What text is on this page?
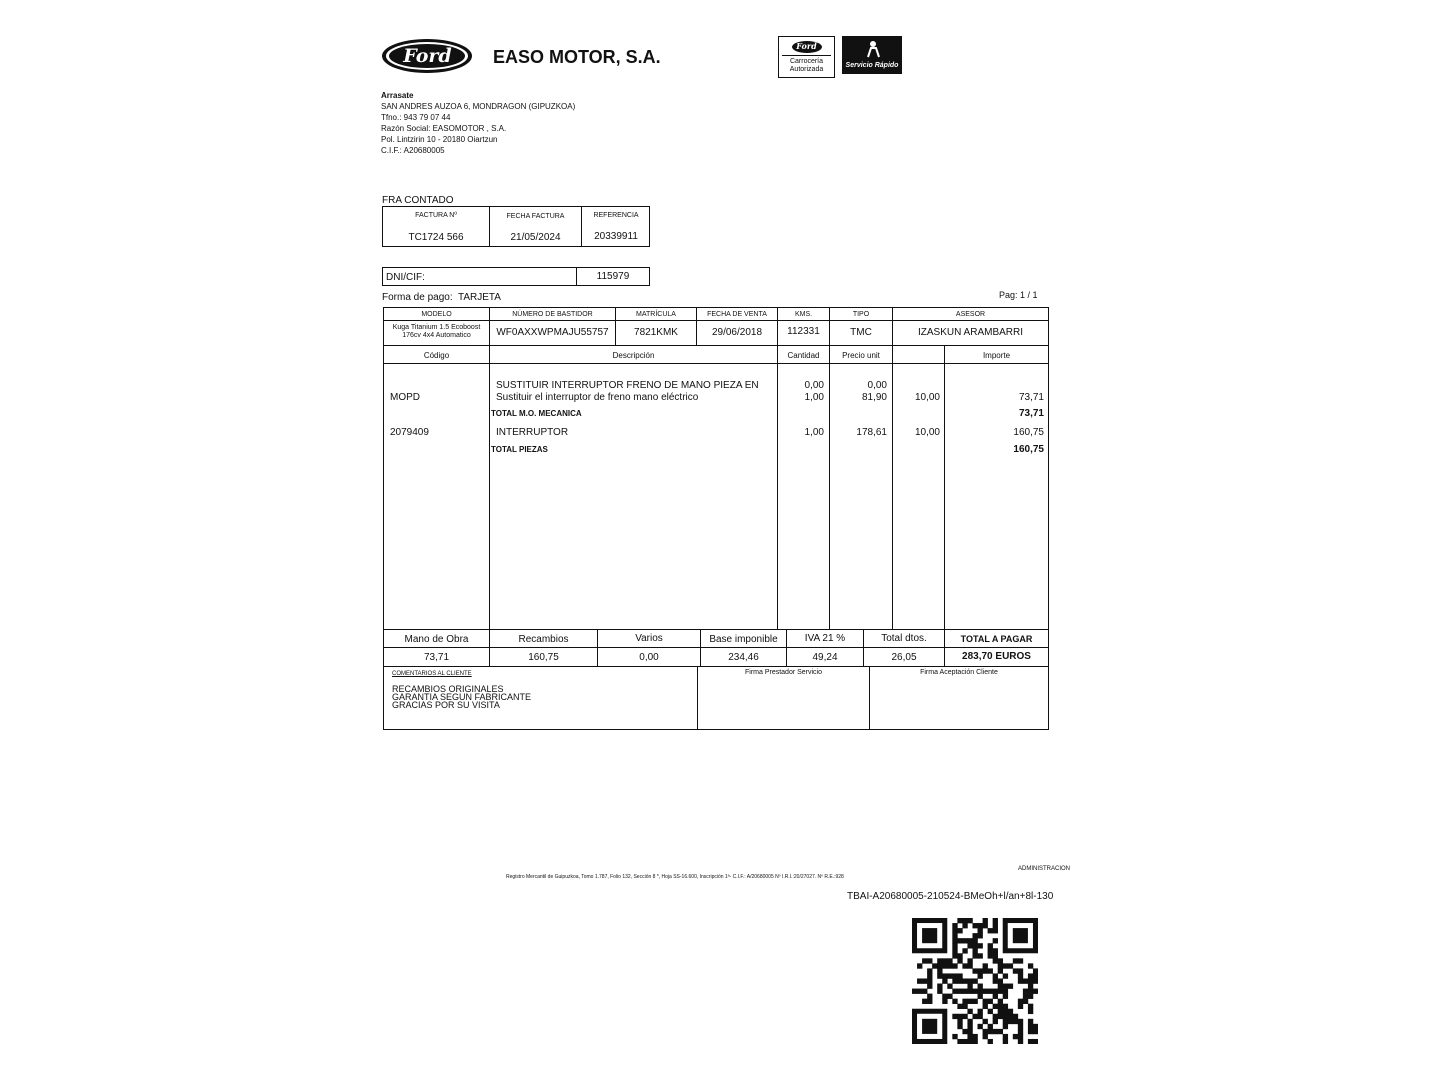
Ford	EASO MOTOR, S.A.
Ford
Carrocería
Autorizada
Servicio Rápido
Arrasate
SAN ANDRES AUZOA 6, MONDRAGON (GIPUZKOA)
Tfno.: 943 79 07 44
Razón Social: EASOMOTOR , S.A.
Pol. Lintzirin 10 - 20180 Oiartzun
C.I.F.: A20680005
FRA CONTADO
FACTURA Nº	FECHA FACTURA	REFERENCIA
TC1724 566	21/05/2024	20339911
DNI/CIF:	115979
Forma de pago: TARJETA	Pag: 1 / 1
MODELO	NÚMERO DE BASTIDOR	MATRÍCULA	FECHA DE VENTA	KMS.	TIPO	ASESOR
Kuga Titanium 1.5 Ecoboost
176cv 4x4 Automatico	WF0AXXWPMAJU55757	7821KMK	29/06/2018	112331	TMC	IZASKUN ARAMBARRI
Código	Descripción	Cantidad	Precio unit	Importe
SUSTITUIR INTERRUPTOR FRENO DE MANO PIEZA EN	0,00	0,00
MOPD	Sustituir el interruptor de freno mano eléctrico	1,00	81,90	10,00	73,71
TOTAL M.O. MECANICA	73,71
2079409	INTERRUPTOR	1,00	178,61	10,00	160,75
TOTAL PIEZAS	160,75
Mano de Obra	Recambios	Varios	Base imponible	IVA 21 %	Total dtos.	TOTAL A PAGAR
73,71	160,75	0,00	234,46	49,24	26,05	283,70 EUROS
COMENTARIOS AL CLIENTE
RECAMBIOS ORIGINALES
GARANTIA SEGUN FABRICANTE
GRACIAS POR SU VISITA
Firma Prestador Servicio	Firma Aceptación Cliente
ADMINISTRACION
Registro Mercantil de Guipuzkoa, Tomo 1.787, Folio 132, Sección 8 *, Hoja SS-16.600, Inscripción 1ª- C.I.F.: A/20680005 Nº I.R.I.:20/27027. Nº R.E.:928
TBAI-A20680005-210524-BMeOh+l/an+8l-130
